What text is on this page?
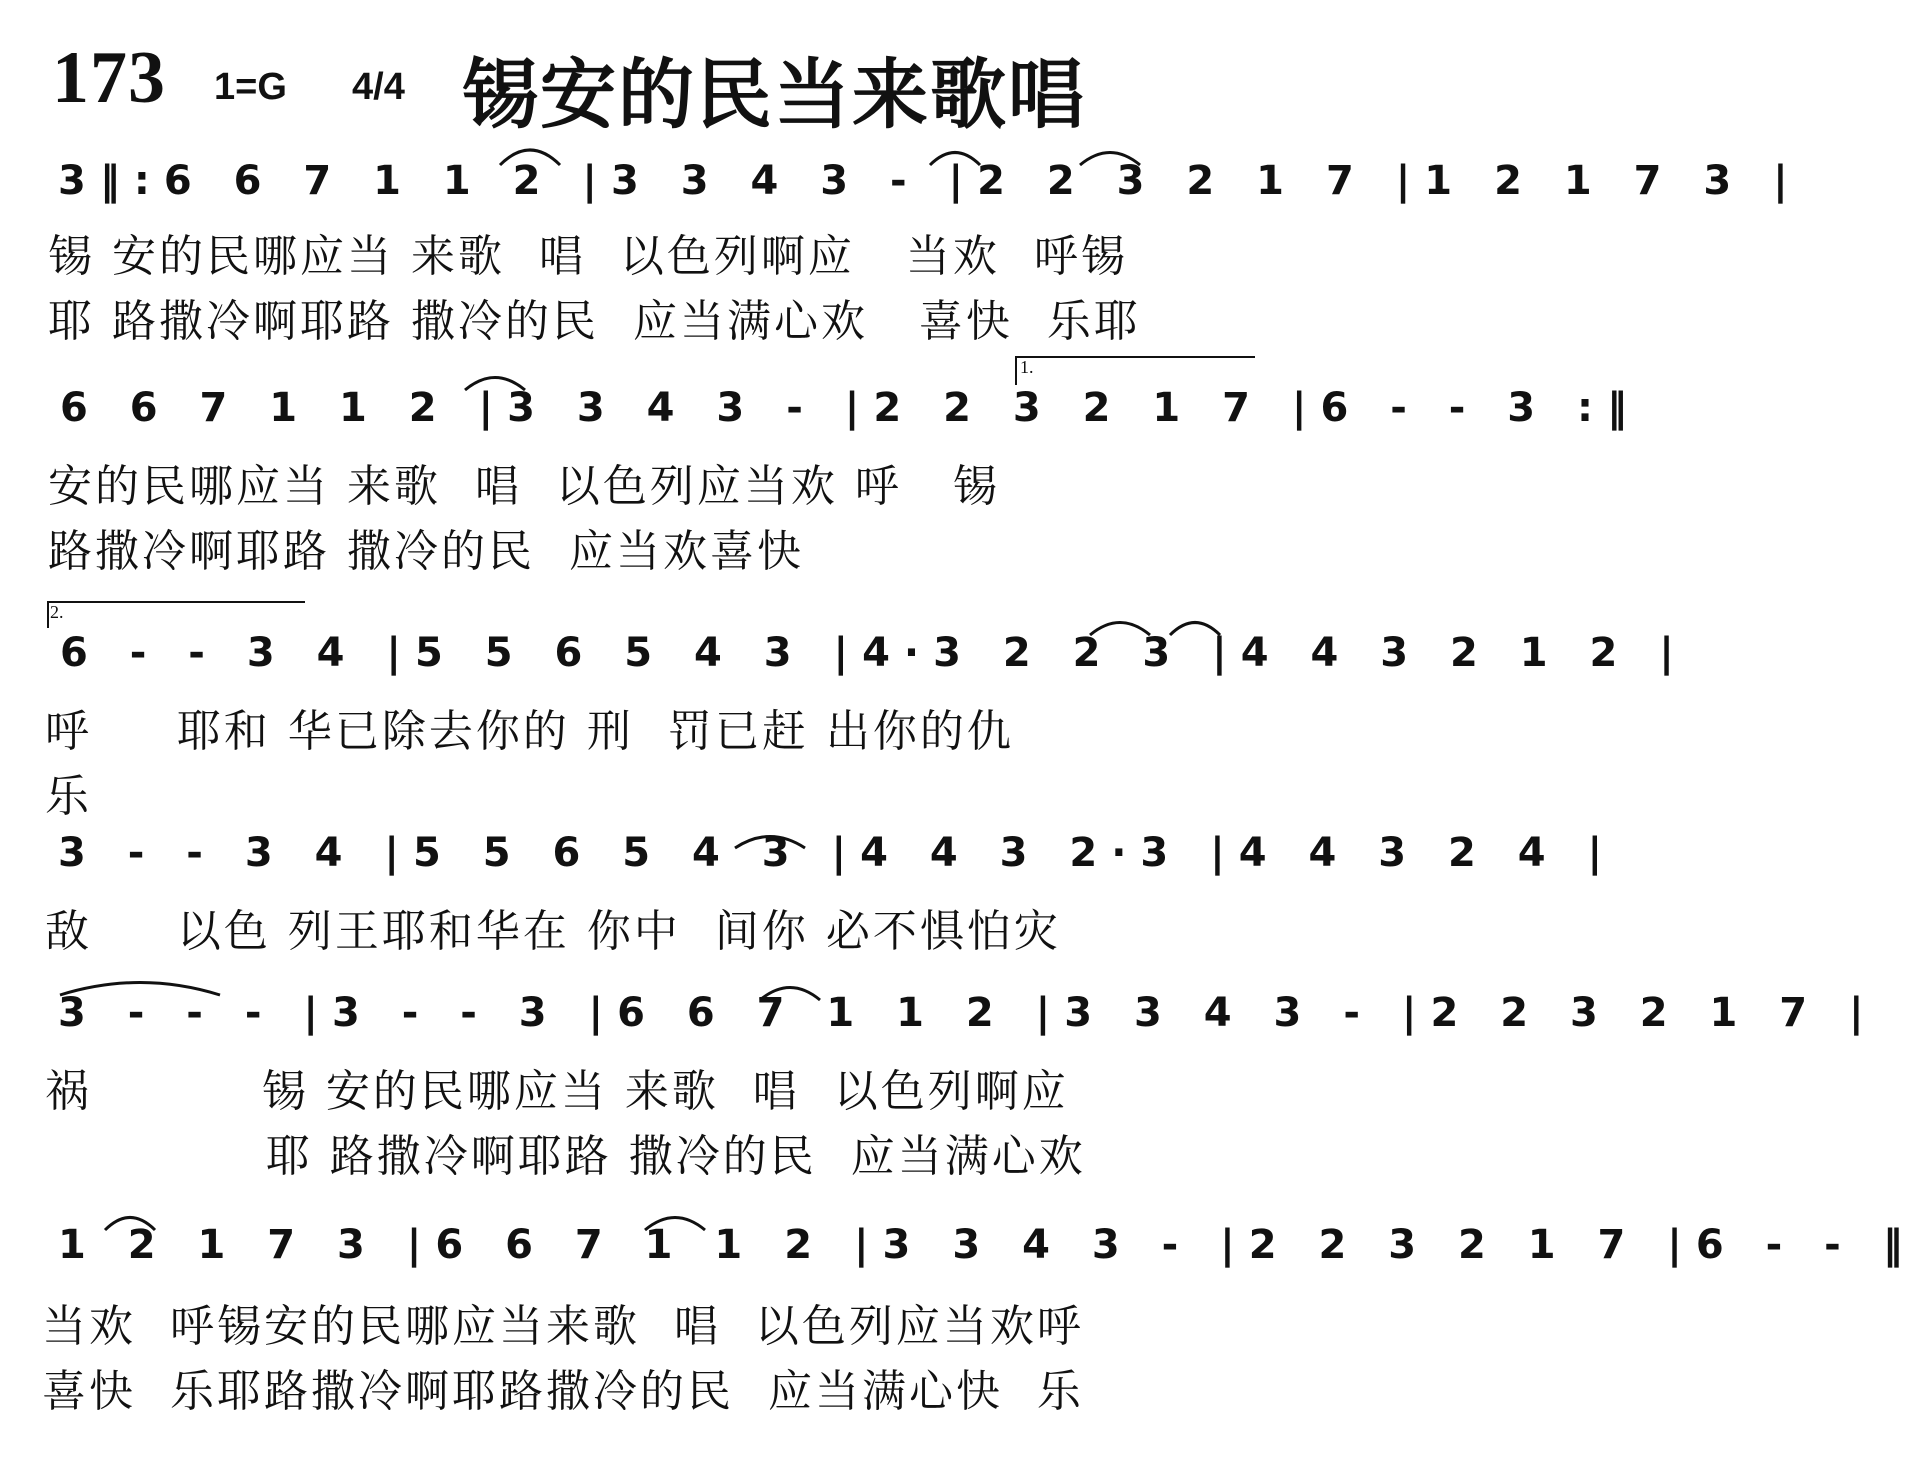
173 1=G 4/4 锡安的民当来歌唱
3‖:6 6 7 1 1 2 |3 3 4 3 - |2 2 3 2 1 7 |1 2 1 7 3 |
锡 安的民哪应当 来歌  唱  以色列啊应   当欢  呼锡
耶 路撒冷啊耶路 撒冷的民  应当满心欢   喜快  乐耶
1.
6 6 7 1 1 2 |3 3 4 3 - |2 2 3 2 1 7 |6 - - 3 :‖
安的民哪应当 来歌  唱  以色列应当欢 呼   锡
路撒冷啊耶路 撒冷的民  应当欢喜快
2.
6 - - 3 4 |5 5 6 5 4 3 |4·3 2 2 3 |4 4 3 2 1 2 |
呼     耶和 华已除去你的 刑  罚已赶 出你的仇
乐
3 - - 3 4 |5 5 6 5 4 3 |4 4 3 2·3 |4 4 3 2 4 |
敌     以色 列王耶和华在 你中  间你 必不惧怕灾
3 - - - |3 - - 3 |6 6 7 1 1 2 |3 3 4 3 - |2 2 3 2 1 7 |
祸          锡 安的民哪应当 来歌  唱  以色列啊应
耶 路撒冷啊耶路 撒冷的民  应当满心欢
1 2 1 7 3 |6 6 7 1 1 2 |3 3 4 3 - |2 2 3 2 1 7 |6 - - ‖
当欢  呼锡安的民哪应当来歌  唱  以色列应当欢呼
喜快  乐耶路撒冷啊耶路撒冷的民  应当满心快  乐
